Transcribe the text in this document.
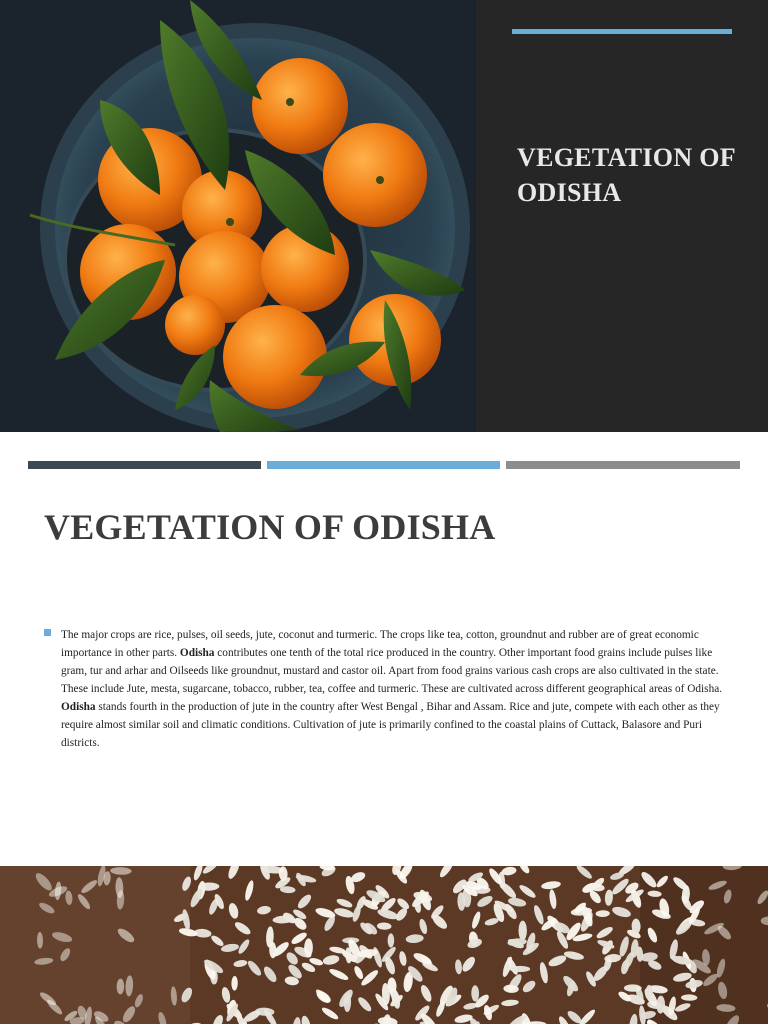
VEGETATION OF ODISHA
VEGETATION OF ODISHA

The major crops are rice, pulses, oil seeds, jute, coconut and turmeric. The crops like tea, cotton, groundnut and rubber are of great economic importance in other parts. Odisha contributes one tenth of the total rice produced in the country. Other important food grains include pulses like gram, tur and arhar and Oilseeds like groundnut, mustard and castor oil. Apart from food grains various cash crops are also cultivated in the state. These include Jute, mesta, sugarcane, tobacco, rubber, tea, coffee and turmeric. These are cultivated across different geographical areas of Odisha. Odisha stands fourth in the production of jute in the country after West Bengal , Bihar and Assam. Rice and jute, compete with each other as they require almost similar soil and climatic conditions. Cultivation of jute is primarily confined to the coastal plains of Cuttack, Balasore and Puri districts.
